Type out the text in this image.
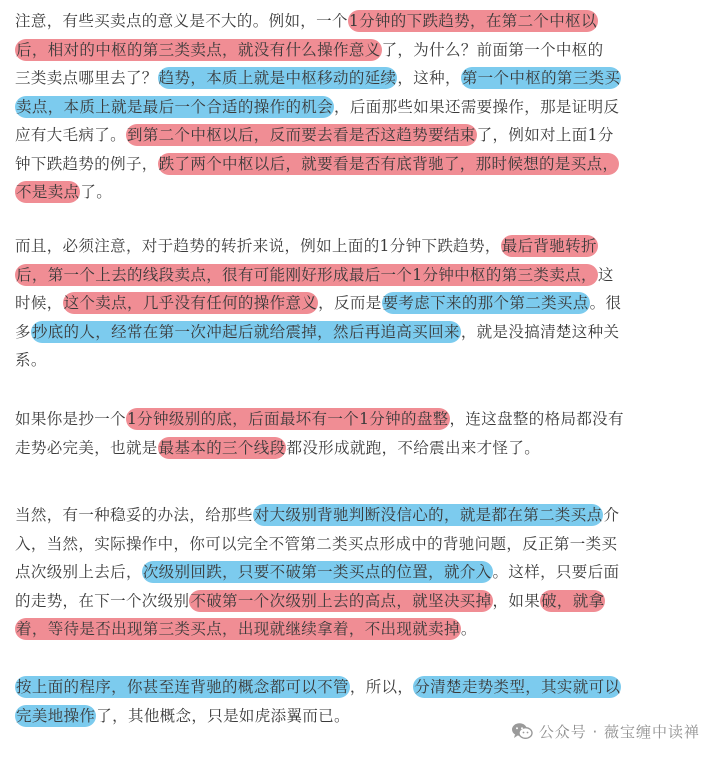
注意，有些买卖点的意义是不大的。例如，一个1分钟的下跌趋势，在第二个中枢以
后，相对的中枢的第三类卖点，就没有什么操作意义了，为什么？前面第一个中枢的
三类卖点哪里去了？趋势，本质上就是中枢移动的延续，这种，第一个中枢的第三类买
卖点，本质上就是最后一个合适的操作的机会，后面那些如果还需要操作，那是证明反
应有大毛病了。到第二个中枢以后，反而要去看是否这趋势要结束了，例如对上面1分
钟下跌趋势的例子，跌了两个中枢以后，就要看是否有底背驰了，那时候想的是买点，
不是卖点了。
而且，必须注意，对于趋势的转折来说，例如上面的1分钟下跌趋势，最后背驰转折
后，第一个上去的线段卖点，很有可能刚好形成最后一个1分钟中枢的第三类卖点，这
时候，这个卖点，几乎没有任何的操作意义，反而是要考虑下来的那个第二类买点。很
多抄底的人，经常在第一次冲起后就给震掉，然后再追高买回来，就是没搞清楚这种关
系。
如果你是抄一个1分钟级别的底，后面最坏有一个1分钟的盘整，连这盘整的格局都没有
走势必完美，也就是最基本的三个线段都没形成就跑，不给震出来才怪了。
当然，有一种稳妥的办法，给那些对大级别背驰判断没信心的，就是都在第二类买点介
入，当然，实际操作中，你可以完全不管第二类买点形成中的背驰问题，反正第一类买
点次级别上去后，次级别回跌，只要不破第一类买点的位置，就介入。这样，只要后面
的走势，在下一个次级别不破第一个次级别上去的高点，就坚决买掉，如果破，就拿
着，等待是否出现第三类买点，出现就继续拿着，不出现就卖掉。
按上面的程序，你甚至连背驰的概念都可以不管，所以，分清楚走势类型，其实就可以
完美地操作了，其他概念，只是如虎添翼而已。
公众号 · 薇宝缠中读禅
